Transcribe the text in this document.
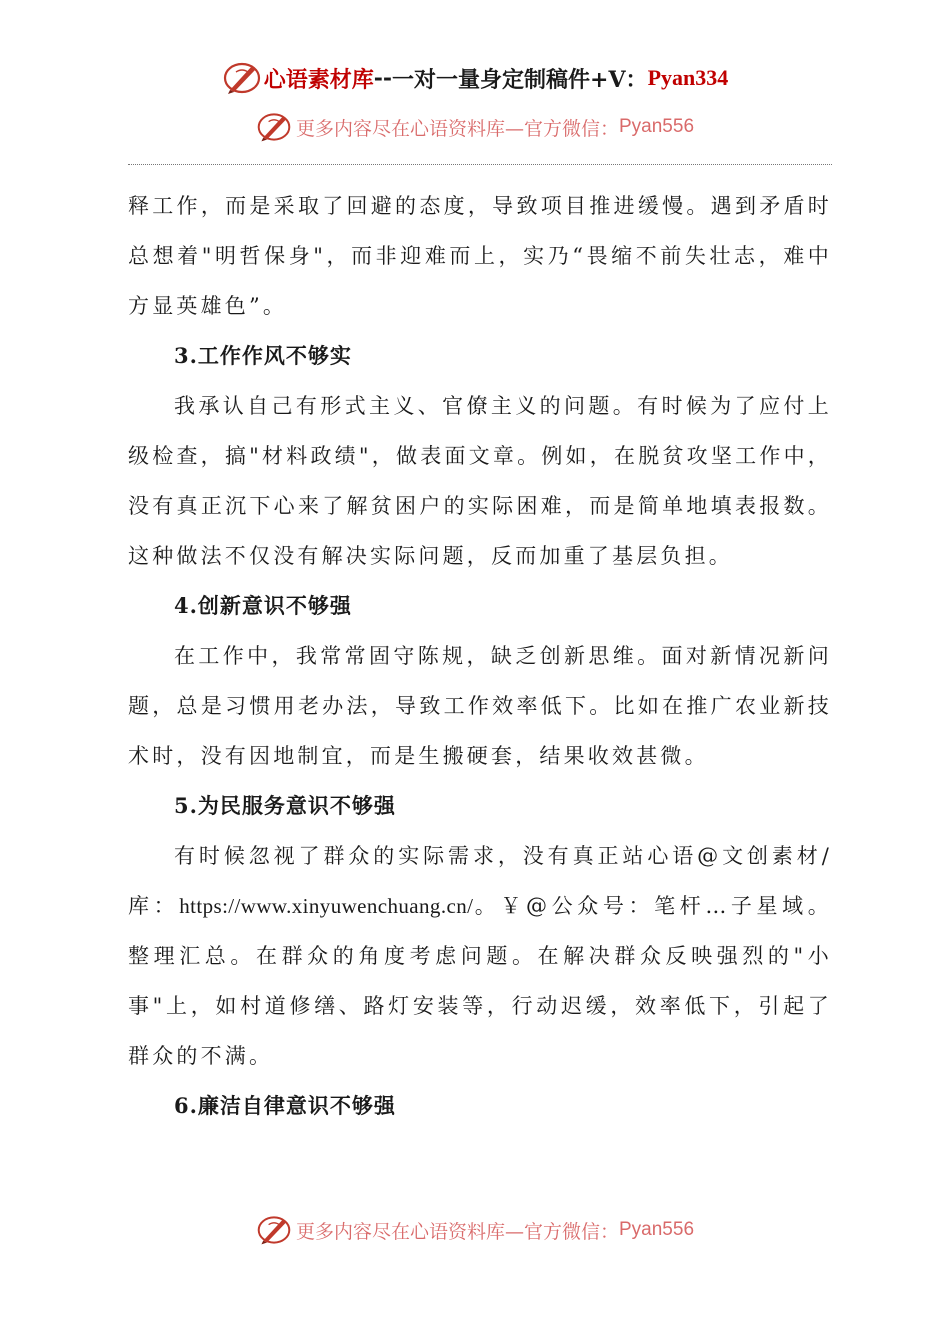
心语素材库 -- 一对一量身定制稿件 +V： Pyan334

更多内容尽在心语资料库—官方微信： Pyan556

释工作，而是采取了回避的态度，导致项目推进缓慢。遇到矛盾时总想着"明哲保身"，而非迎难而上，实乃“畏缩不前失壮志，难中方显英雄色”。

3.工作作风不够实

我承认自己有形式主义、官僚主义的问题。有时候为了应付上级检查，搞"材料政绩"，做表面文章。例如，在脱贫攻坚工作中，没有真正沉下心来了解贫困户的实际困难，而是简单地填表报数。这种做法不仅没有解决实际问题，反而加重了基层负担。

4.创新意识不够强

在工作中，我常常固守陈规，缺乏创新思维。面对新情况新问题，总是习惯用老办法，导致工作效率低下。比如在推广农业新技术时，没有因地制宜，而是生搬硬套，结果收效甚微。

5.为民服务意识不够强

有时候忽视了群众的实际需求，没有真正站心语@文创素材/库：https://www.xinyuwenchuang.cn/。￥@公众号：笔杆…子星域。整理汇总。在群众的角度考虑问题。在解决群众反映强烈的"小事"上，如村道修缮、路灯安装等，行动迟缓，效率低下，引起了群众的不满。

6.廉洁自律意识不够强

更多内容尽在心语资料库—官方微信： Pyan556
